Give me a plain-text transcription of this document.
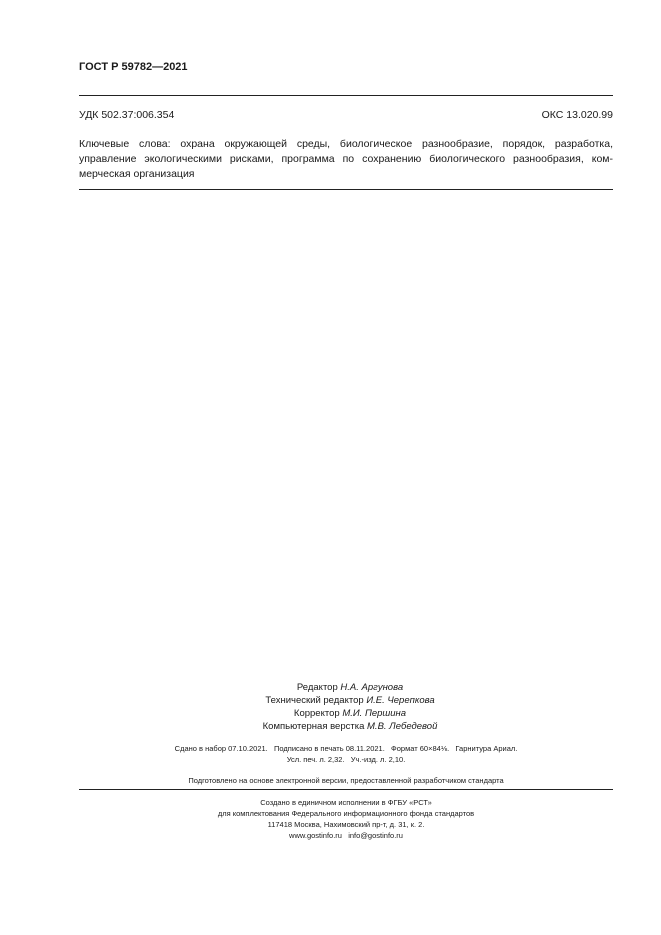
ГОСТ Р 59782—2021
УДК 502.37:006.354	ОКС 13.020.99
Ключевые слова: охрана окружающей среды, биологическое разнообразие, порядок, разработка,
управление экологическими рисками, программа по сохранению биологического разнообразия, ком-
мерческая организация
Редактор Н.А. Аргунова
Технический редактор И.Е. Черепкова
Корректор М.И. Першина
Компьютерная верстка М.В. Лебедевой
Сдано в набор 07.10.2021.   Подписано в печать 08.11.2021.   Формат 60×84⅛.   Гарнитура Ариал.
Усл. печ. л. 2,32.   Уч.-изд. л. 2,10.
Подготовлено на основе электронной версии, предоставленной разработчиком стандарта
Создано в единичном исполнении в ФГБУ «РСТ»
для комплектования Федерального информационного фонда стандартов
117418 Москва, Нахимовский пр-т, д. 31, к. 2.
www.gostinfo.ru   info@gostinfo.ru
